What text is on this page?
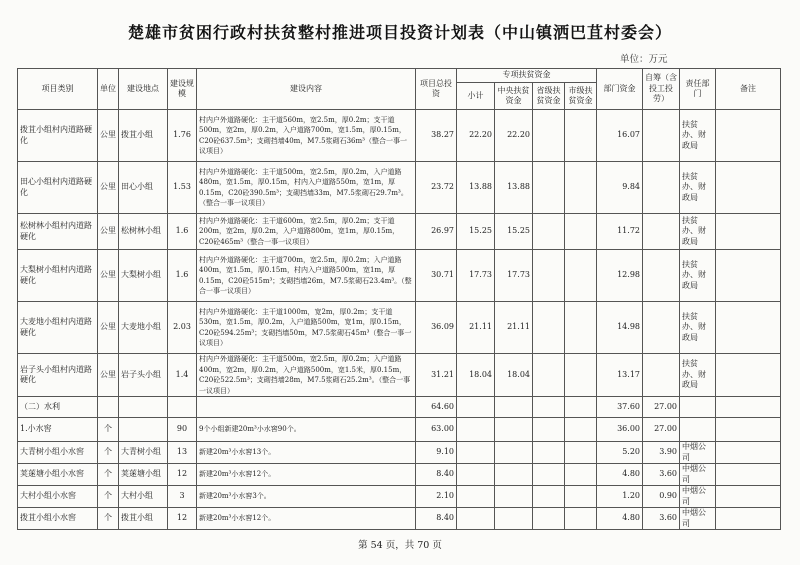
楚雄市贫困行政村扶贫整村推进项目投资计划表（中山镇洒巴苴村委会）
单位：万元
项目类别	单位	建设地点	建设规模	建设内容	项目总投资	专项扶贫资金				部门资金	自筹（含投工投劳）	责任部门	备注
						小计	中央扶贫资金	省级扶贫资金	市级扶贫资金				
拨苴小组村内道路硬化	公里	拨苴小组	1.76	村内户外道路硬化：主干道560m，宽2.5m，厚0.2m；支干道500m，宽2m，厚0.2m，入户道路700m，宽1.5m，厚0.15m，C20砼637.5m³；支砌挡墙40m，M7.5浆砌石36m³（整合一事一议项目）	38.27	22.20	22.20			16.07		扶贫办、财政局	
田心小组村内道路硬化	公里	田心小组	1.53	村内户外道路硬化：主干道500m，宽2.5m，厚0.2m，入户道路480m，宽1.5m，厚0.15m，村内入户道路550m，宽1m，厚0.15m，C20砼390.5m³；支砌挡墙33m，M7.5浆砌石29.7m³。（整合一事一议项目）	23.72	13.88	13.88			9.84		扶贫办、财政局	
松树林小组村内道路硬化	公里	松树林小组	1.6	村内户外道路硬化：主干道600m，宽2.5m，厚0.2m；支干道200m，宽2m，厚0.2m，入户道路800m，宽1m，厚0.15m，C20砼465m³（整合一事一议项目）	26.97	15.25	15.25			11.72		扶贫办、财政局	
大梨树小组村内道路硬化	公里	大梨树小组	1.6	村内户外道路硬化：主干道700m，宽2.5m，厚0.2m；入户道路400m，宽1.5m，厚0.15m，村内入户道路500m，宽1m，厚0.15m，C20砼515m³；支砌挡墙26m，M7.5浆砌石23.4m³。（整合一事一议项目）	30.71	17.73	17.73			12.98		扶贫办、财政局	
大麦地小组村内道路硬化	公里	大麦地小组	2.03	村内户外道路硬化：主干道1000m，宽2m，厚0.2m；支干道530m，宽1.5m，厚0.2m，入户道路500m，宽1m，厚0.15m，C20砼594.25m³；支砌挡墙50m，M7.5浆砌石45m³（整合一事一议项目）	36.09	21.11	21.11			14.98		扶贫办、财政局	
岩子头小组村内道路硬化	公里	岩子头小组	1.4	村内户外道路硬化：主干道500m，宽2.5m，厚0.2m；入户道路400m，宽2m，厚0.2m，入户道路500m，宽1.5米，厚0.15m，C20砼522.5m³；支砌挡墙28m，M7.5浆砌石25.2m³。（整合一事一议项目）	31.21	18.04	18.04			13.17		扶贫办、财政局	
（二）水利					64.60					37.60	27.00		
1.小水窖	个		90	9个小组新建20m³小水窖90个。	63.00					36.00	27.00		
大青树小组小水窖	个	大青树小组	13	新建20m³小水窖13个。	9.10					5.20	3.90	中烟公司	
荚蒾塘小组小水窖	个	荚蒾塘小组	12	新建20m³小水窖12个。	8.40					4.80	3.60	中烟公司	
大村小组小水窖	个	大村小组	3	新建20m³小水窖3个。	2.10					1.20	0.90	中烟公司	
拨苴小组小水窖	个	拨苴小组	12	新建20m³小水窖12个。	8.40					4.80	3.60	中烟公司	
第 54 页，共 70 页
